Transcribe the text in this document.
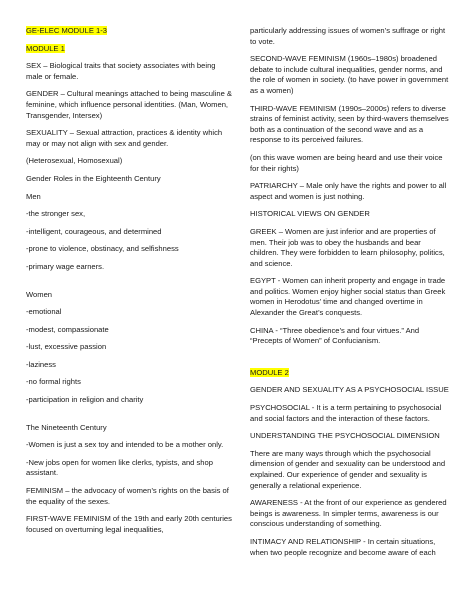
GE-ELEC MODULE 1-3

MODULE 1

SEX – Biological traits that society associates with being male or female.

GENDER – Cultural meanings attached to being masculine & feminine, which influence personal identities. (Man, Women, Transgender, Intersex)

SEXUALITY – Sexual attraction, practices & identity which may or may not align with sex and gender.

(Heterosexual, Homosexual)

Gender Roles in the Eighteenth Century

Men

-the stronger sex,

-intelligent, courageous, and determined

-prone to violence, obstinacy, and selfishness

-primary wage earners.

Women

-emotional

-modest, compassionate

-lust, excessive passion

-laziness

-no formal rights

-participation in religion and charity

The Nineteenth Century

-Women is just a sex toy and intended to be a mother only.

-New jobs open for women like clerks, typists, and shop assistant.

FEMINISM – the advocacy of women’s rights on the basis of the equality of the sexes.

FIRST-WAVE FEMINISM of the 19th and early 20th centuries focused on overturning legal inequalities,

particularly addressing issues of women’s suffrage or right to vote.

SECOND-WAVE FEMINISM (1960s–1980s) broadened debate to include cultural inequalities, gender norms, and the role of women in society. (to have power in government as a women)

THIRD-WAVE FEMINISM (1990s–2000s) refers to diverse strains of feminist activity, seen by third-wavers themselves both as a continuation of the second wave and as a response to its perceived failures.

(on this wave women are being heard and use their voice for their rights)

PATRIARCHY – Male only have the rights and power to all aspect and women is just nothing.

HISTORICAL VIEWS ON GENDER

GREEK – Women are just inferior and are properties of men. Their job was to obey the husbands and bear children. They were forbidden to learn philosophy, politics, and science.

EGYPT - Women can inherit property and engage in trade and politics. Women enjoy higher social status than Greek women in Herodotus’ time and changed overtime in Alexander the Great’s conquests.

CHINA - “Three obedience’s and four virtues.” And “Precepts of Women” of Confucianism.

MODULE 2

GENDER AND SEXUALITY AS A PSYCHOSOCIAL ISSUE

PSYCHOSOCIAL - It is a term pertaining to psychosocial and social factors and the interaction of these factors.

UNDERSTANDING THE PSYCHOSOCIAL DIMENSION

There are many ways through which the psychosocial dimension of gender and sexuality can be understood and explained. Our experience of gender and sexuality is generally a relational experience.

AWARENESS - At the front of our experience as gendered beings is awareness. In simpler terms, awareness is our conscious understanding of something.

INTIMACY AND RELATIONSHIP - In certain situations, when two people recognize and become aware of each
